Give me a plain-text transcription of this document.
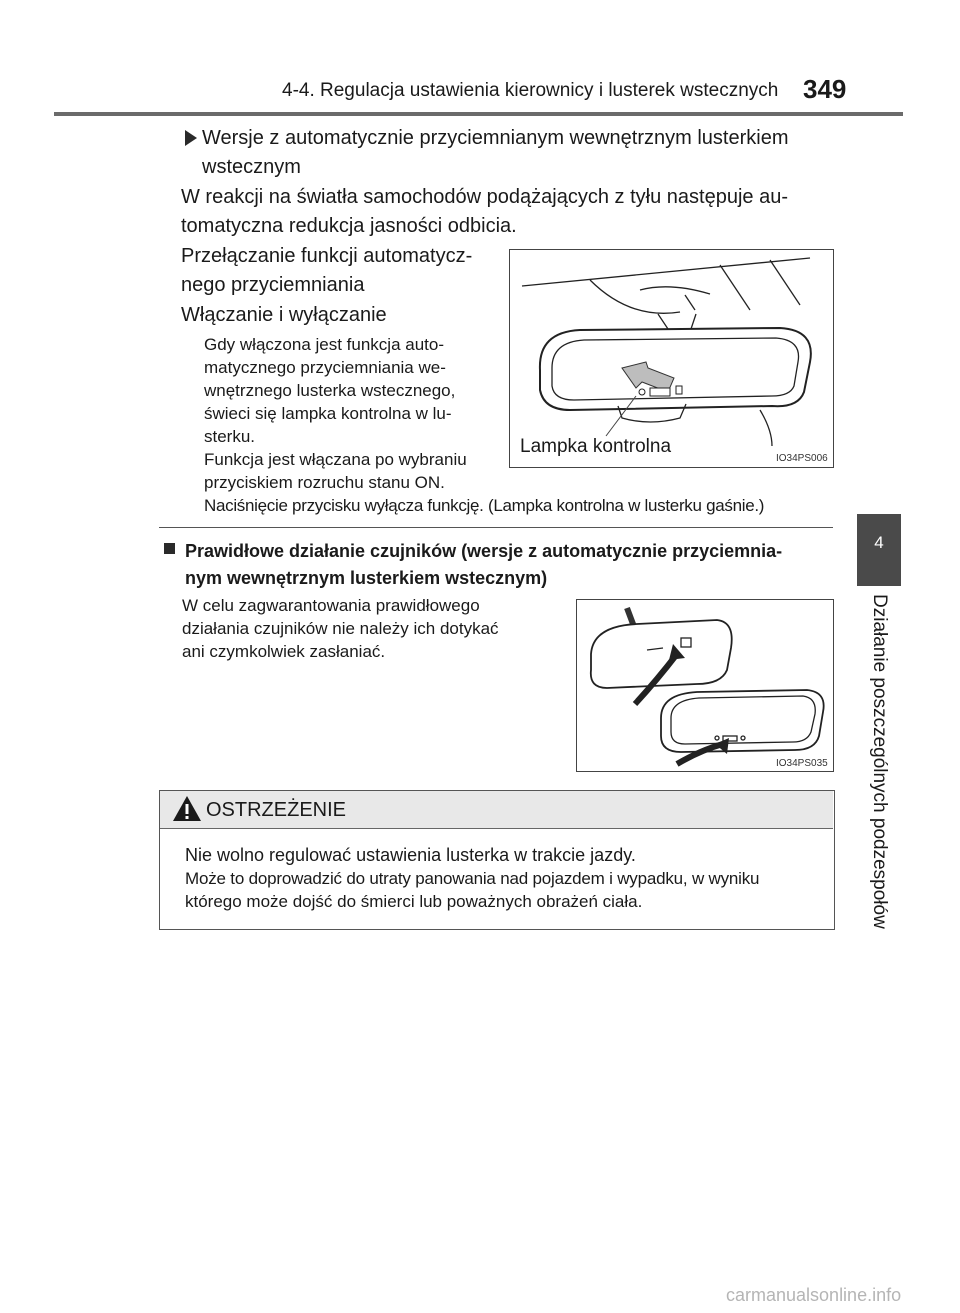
4-4. Regulacja ustawienia kierownicy i lusterek wstecznych 349
4
Działanie poszczególnych podzespołów
Wersje z automatycznie przyciemnianym wewnętrznym lusterkiem
wstecznym
W reakcji na światła samochodów podążających z tyłu następuje au-
tomatyczna redukcja jasności odbicia.
Przełączanie funkcji automatycz-
nego przyciemniania
Włączanie i wyłączanie
Gdy włączona jest funkcja auto-
matycznego przyciemniania we-
wnętrznego lusterka wstecznego,
świeci się lampka kontrolna w lu-
sterku.
Funkcja jest włączana po wybraniu
przyciskiem rozruchu stanu ON.
Naciśnięcie przycisku wyłącza funkcję. (Lampka kontrolna w lusterku gaśnie.)
Lampka kontrolna
IO34PS006
Prawidłowe działanie czujników (wersje z automatycznie przyciemnia-
nym wewnętrznym lusterkiem wstecznym)
W celu zagwarantowania prawidłowego
działania czujników nie należy ich dotykać
ani czymkolwiek zasłaniać.
IO34PS035
OSTRZEŻENIE
Nie wolno regulować ustawienia lusterka w trakcie jazdy.
Może to doprowadzić do utraty panowania nad pojazdem i wypadku, w wyniku
którego może dojść do śmierci lub poważnych obrażeń ciała.
carmanualsonline.info
